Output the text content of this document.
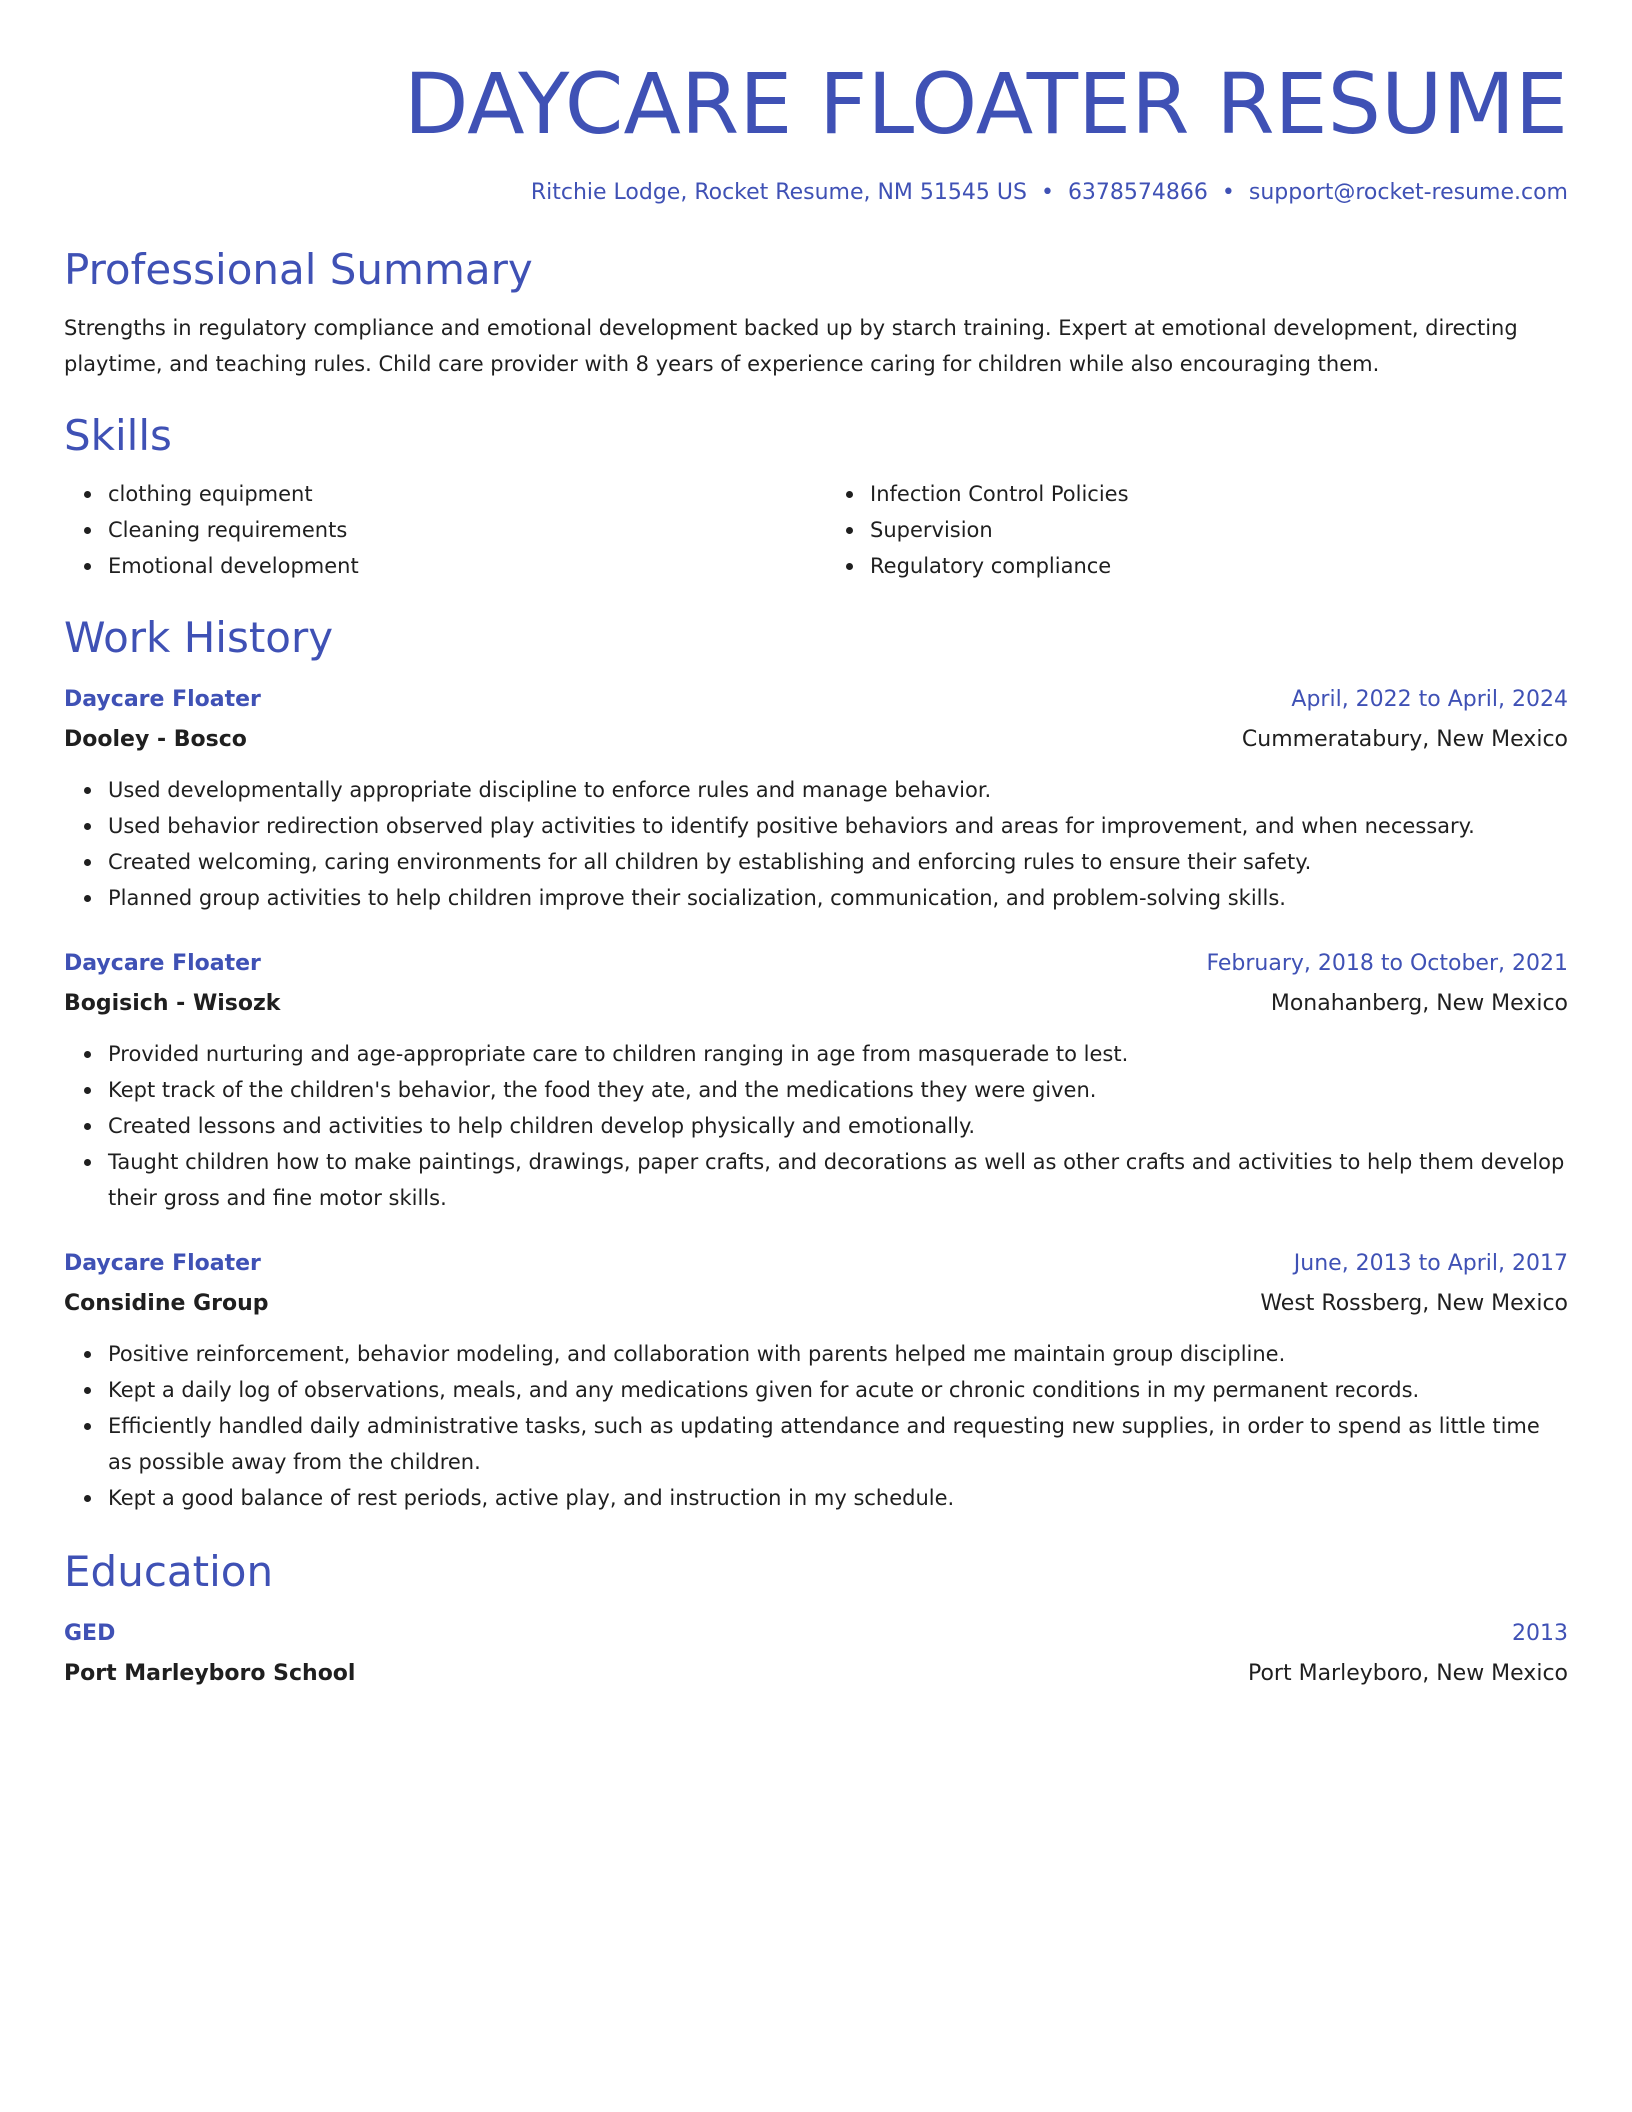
DAYCARE FLOATER RESUME
Ritchie Lodge, Rocket Resume, NM 51545 US • 6378574866 • support@rocket-resume.com
Professional Summary

Strengths in regulatory compliance and emotional development backed up by starch training. Expert at emotional development, directing playtime, and teaching rules. Child care provider with 8 years of experience caring for children while also encouraging them.

Skills
clothing equipment
Cleaning requirements
Emotional development
Infection Control Policies
Supervision
Regulatory compliance
Work History
Daycare Floater	April, 2022 to April, 2024
Dooley - Bosco	Cummeratabury, New Mexico
Used developmentally appropriate discipline to enforce rules and manage behavior.
Used behavior redirection observed play activities to identify positive behaviors and areas for improvement, and when necessary.
Created welcoming, caring environments for all children by establishing and enforcing rules to ensure their safety.
Planned group activities to help children improve their socialization, communication, and problem-solving skills.
Daycare Floater	February, 2018 to October, 2021
Bogisich - Wisozk	Monahanberg, New Mexico
Provided nurturing and age-appropriate care to children ranging in age from masquerade to lest.
Kept track of the children's behavior, the food they ate, and the medications they were given.
Created lessons and activities to help children develop physically and emotionally.
Taught children how to make paintings, drawings, paper crafts, and decorations as well as other crafts and activities to help them develop their gross and fine motor skills.
Daycare Floater	June, 2013 to April, 2017
Considine Group	West Rossberg, New Mexico
Positive reinforcement, behavior modeling, and collaboration with parents helped me maintain group discipline.
Kept a daily log of observations, meals, and any medications given for acute or chronic conditions in my permanent records.
Efficiently handled daily administrative tasks, such as updating attendance and requesting new supplies, in order to spend as little time as possible away from the children.
Kept a good balance of rest periods, active play, and instruction in my schedule.
Education
GED	2013
Port Marleyboro School	Port Marleyboro, New Mexico
